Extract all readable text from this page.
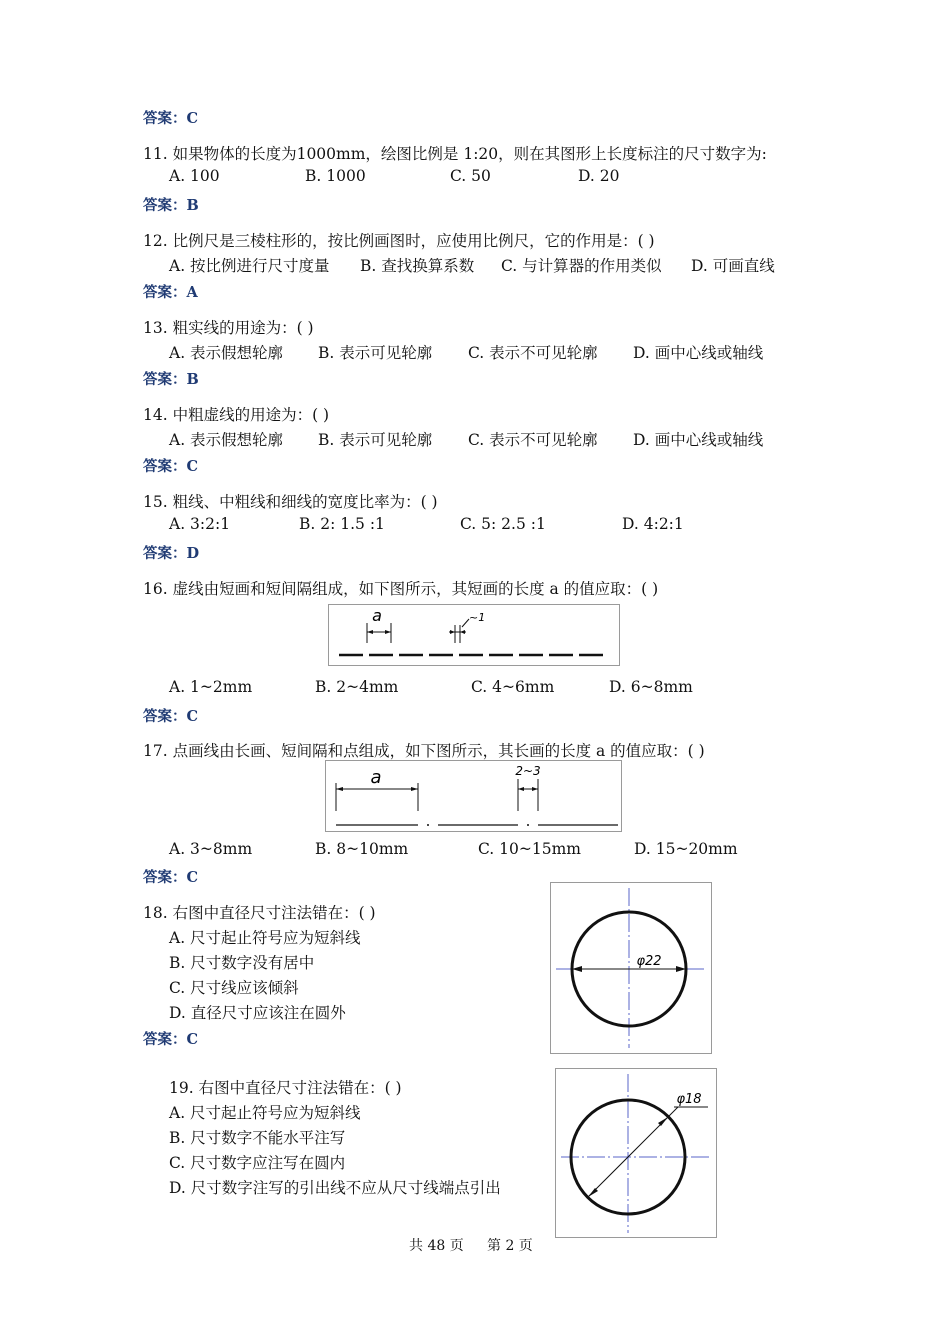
答案：C
11. 如果物体的长度为1000mm，绘图比例是 1:20，则在其图形上长度标注的尺寸数字为:
A. 100	B. 1000	C. 50	D. 20
答案：B
12. 比例尺是三棱柱形的，按比例画图时，应使用比例尺，它的作用是：( )
A. 按比例进行尺寸度量 B. 查找换算系数 C. 与计算器的作用类似 D. 可画直线
答案：A
13. 粗实线的用途为：( )
A. 表示假想轮廓 B. 表示可见轮廓 C. 表示不可见轮廓 D. 画中心线或轴线
答案：B
14. 中粗虚线的用途为：( )
A. 表示假想轮廓 B. 表示可见轮廓 C. 表示不可见轮廓 D. 画中心线或轴线
答案：C
15. 粗线、中粗线和细线的宽度比率为：( )
A. 3:2:1	B. 2: 1.5 :1	C. 5: 2.5 :1	D. 4:2:1
答案：D
16. 虚线由短画和短间隔组成，如下图所示，其短画的长度 a 的值应取：( )
a	~1
A. 1~2mm	B. 2~4mm	C. 4~6mm	D. 6~8mm
答案：C
17. 点画线由长画、短间隔和点组成，如下图所示，其长画的长度 a 的值应取：( )
a	2~3
A. 3~8mm	B. 8~10mm	C. 10~15mm	D. 15~20mm
答案：C
18. 右图中直径尺寸注法错在：( )
A. 尺寸起止符号应为短斜线
B. 尺寸数字没有居中
C. 尺寸线应该倾斜
D. 直径尺寸应该注在圆外
答案：C
φ22
19. 右图中直径尺寸注法错在：( )
A. 尺寸起止符号应为短斜线
B. 尺寸数字不能水平注写
C. 尺寸数字应注写在圆内
D. 尺寸数字注写的引出线不应从尺寸线端点引出
φ18
共 48 页 第 2 页
